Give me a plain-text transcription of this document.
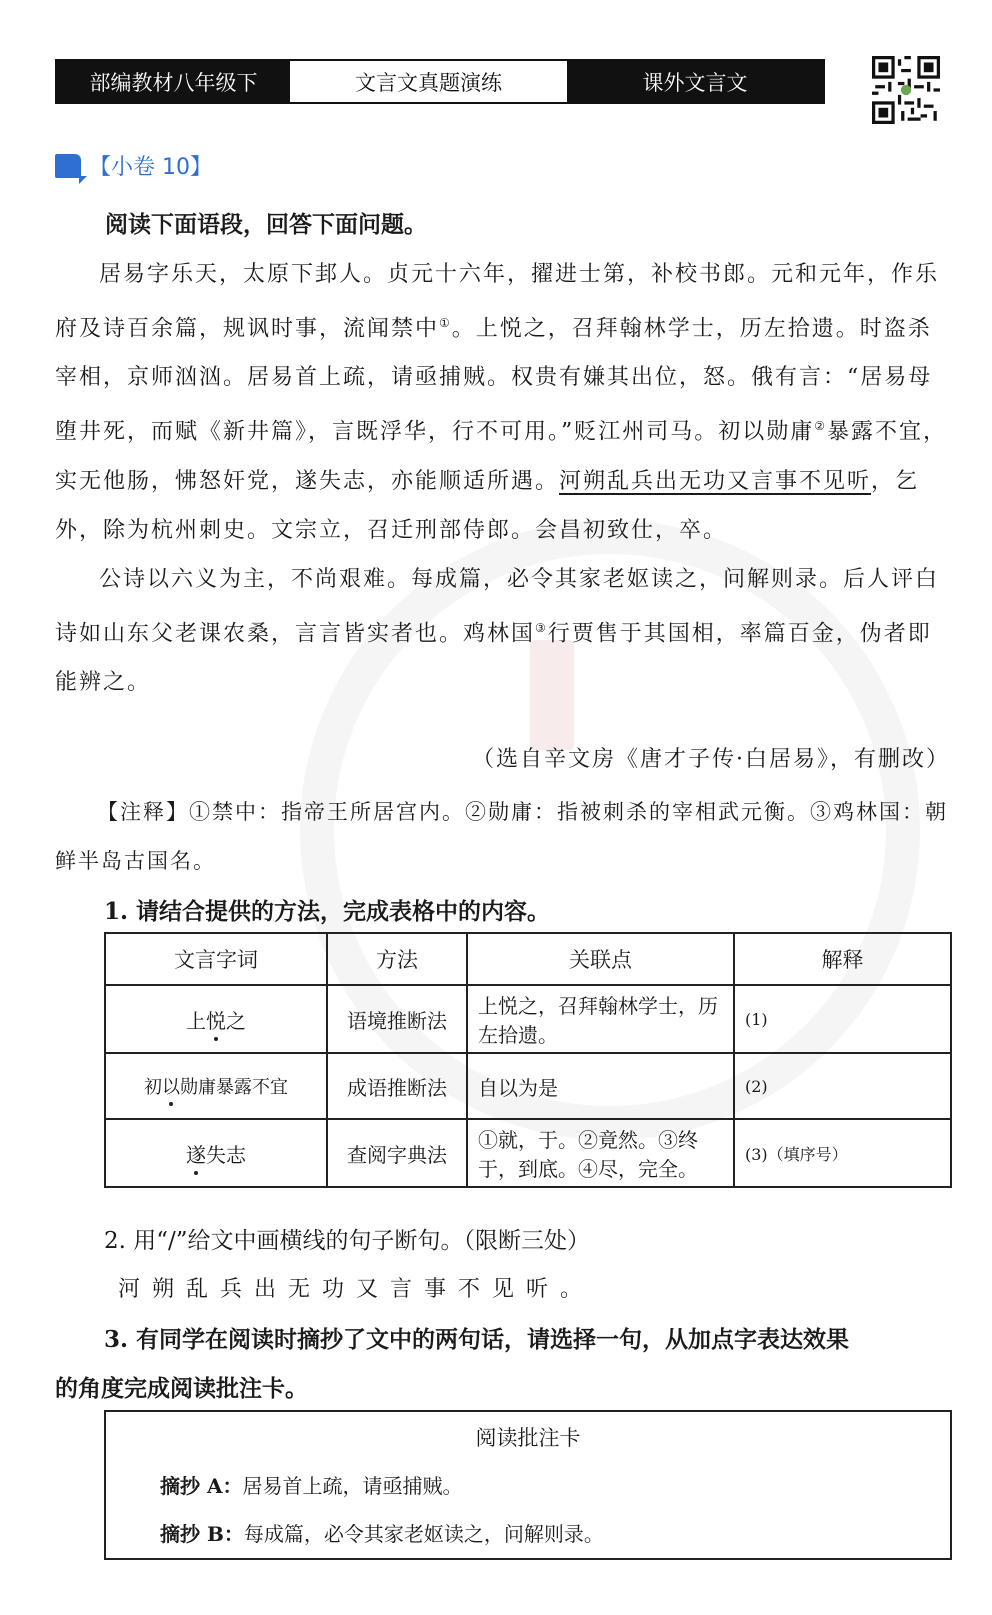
部编教材八年级下	文言文真题演练	课外文言文
【小卷 10】
阅读下面语段，回答下面问题。

居易字乐天，太原下邽人。贞元十六年，擢进士第，补校书郎。元和元年，作乐府及诗百余篇，规讽时事，流闻禁中①。上悦之，召拜翰林学士，历左拾遗。时盗杀宰相，京师汹汹。居易首上疏，请亟捕贼。权贵有嫌其出位，怒。俄有言：“居易母堕井死，而赋《新井篇》，言既浮华，行不可用。”贬江州司马。初以勋庸②暴露不宜，实无他肠，怫怒奸党，遂失志，亦能顺适所遇。河朔乱兵出无功又言事不见听，乞外，除为杭州刺史。文宗立，召迁刑部侍郎。会昌初致仕，卒。

公诗以六义为主，不尚艰难。每成篇，必令其家老妪读之，问解则录。后人评白诗如山东父老课农桑，言言皆实者也。鸡林国③行贾售于其国相，率篇百金，伪者即能辨之。

（选自辛文房《唐才子传·白居易》，有删改）

【注释】①禁中：指帝王所居宫内。②勋庸：指被刺杀的宰相武元衡。③鸡林国：朝鲜半岛古国名。

1. 请结合提供的方法，完成表格中的内容。
文言字词	方法	关联点	解释
上悦之	语境推断法	上悦之，召拜翰林学士，历左拾遗。	(1)
初以勋庸暴露不宜	成语推断法	自以为是	(2)
遂失志	查阅字典法	①就，于。②竟然。③终于，到底。④尽，完全。	(3)（填序号）
2. 用“/”给文中画横线的句子断句。（限断三处）
河朔乱兵出无功又言事不见听。
3. 有同学在阅读时摘抄了文中的两句话，请选择一句，从加点字表达效果
的角度完成阅读批注卡。
阅读批注卡
摘抄 A：居易首上疏，请亟捕贼。
摘抄 B：每成篇，必令其家老妪读之，问解则录。
